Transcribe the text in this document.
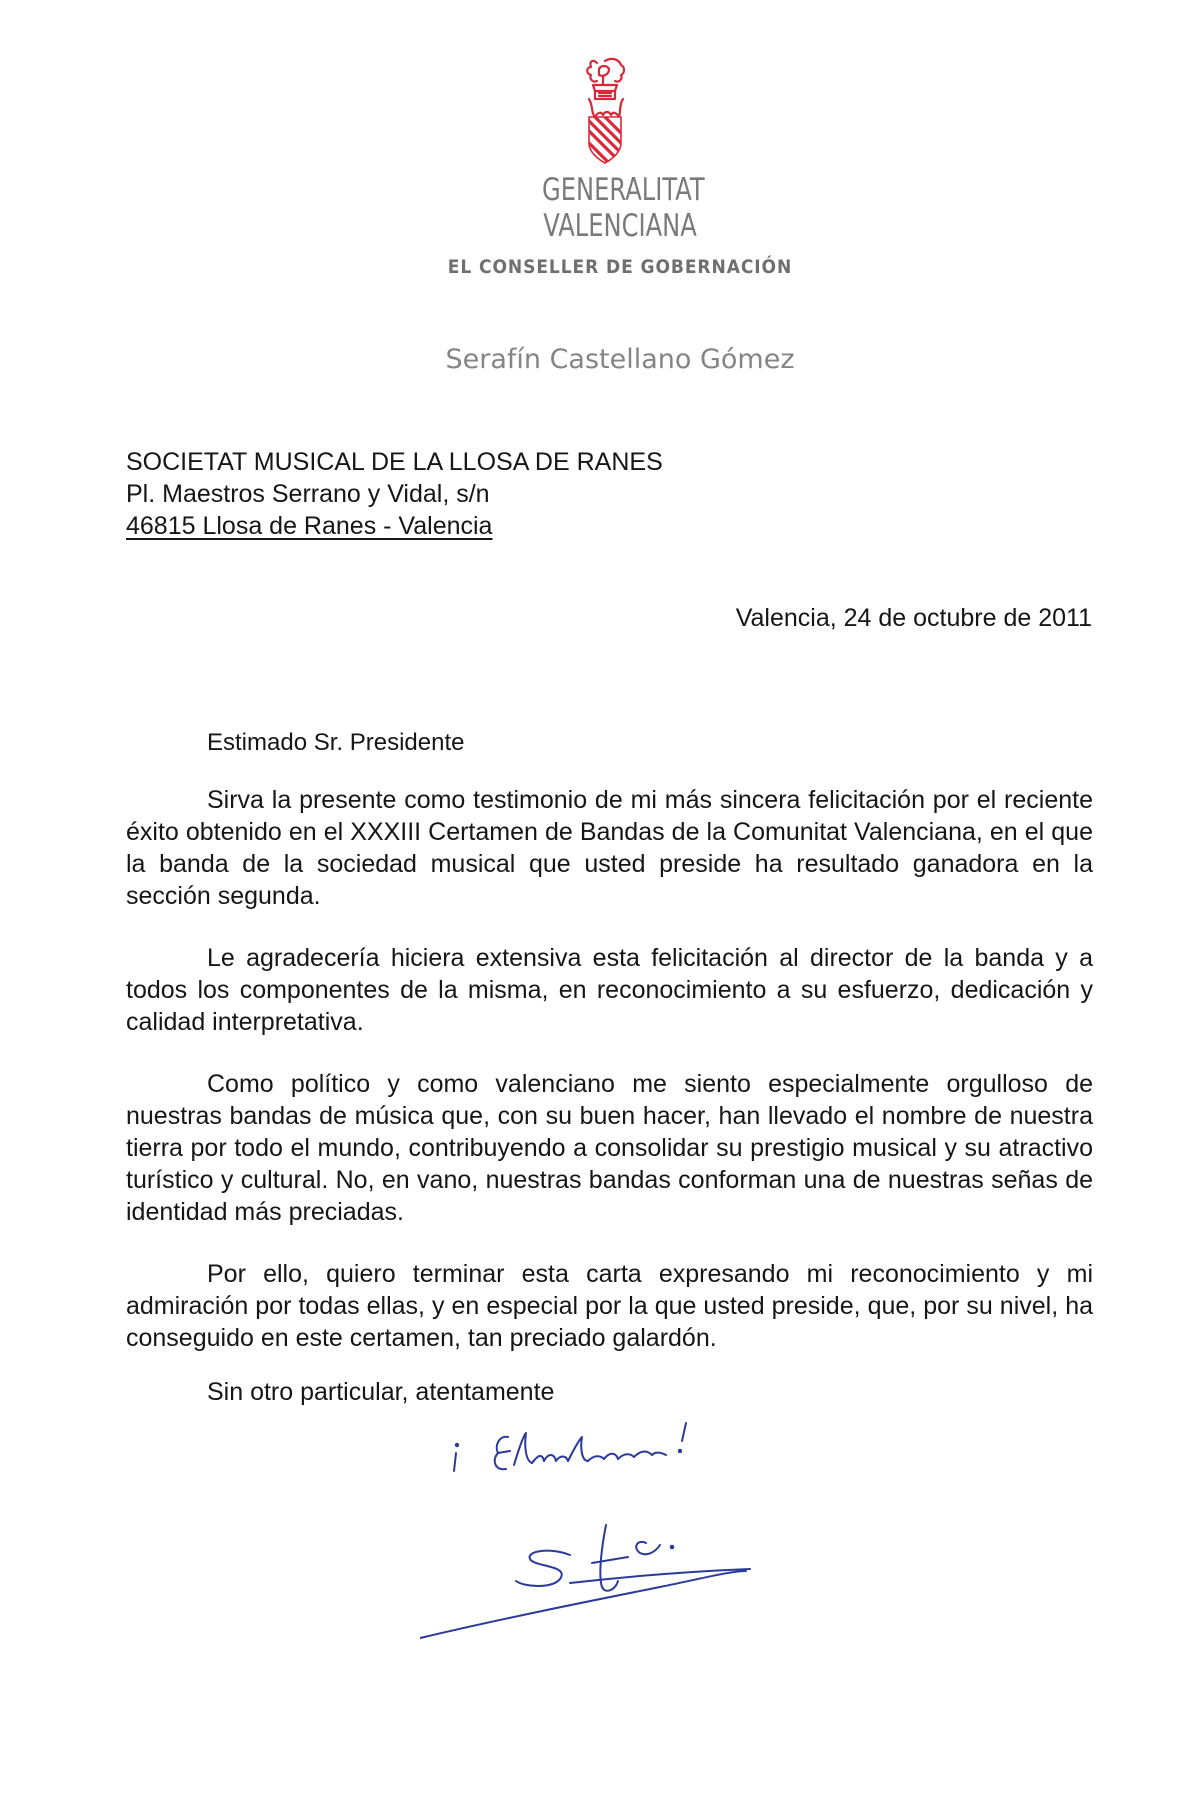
GENERALITAT
VALENCIANA
EL CONSELLER DE GOBERNACIÓN
Serafín Castellano Gómez
SOCIETAT MUSICAL DE LA LLOSA DE RANES
Pl. Maestros Serrano y Vidal, s/n
46815 Llosa de Ranes - Valencia
Valencia, 24 de octubre de 2011
Estimado Sr. Presidente

Sirva la presente como testimonio de mi más sincera felicitación por el reciente éxito obtenido en el XXXIII Certamen de Bandas de la Comunitat Valenciana, en el que la banda de la sociedad musical que usted preside ha resultado ganadora en la sección segunda.

Le agradecería hiciera extensiva esta felicitación al director de la banda y a todos los componentes de la misma, en reconocimiento a su esfuerzo, dedicación y calidad interpretativa.

Como político y como valenciano me siento especialmente orgulloso de nuestras bandas de música que, con su buen hacer, han llevado el nombre de nuestra tierra por todo el mundo, contribuyendo a consolidar su prestigio musical y su atractivo turístico y cultural. No, en vano, nuestras bandas conforman una de nuestras señas de identidad más preciadas.

Por ello, quiero terminar esta carta expresando mi reconocimiento y mi admiración por todas ellas, y en especial por la que usted preside, que, por su nivel, ha conseguido en este certamen, tan preciado galardón.

Sin otro particular, atentamente
